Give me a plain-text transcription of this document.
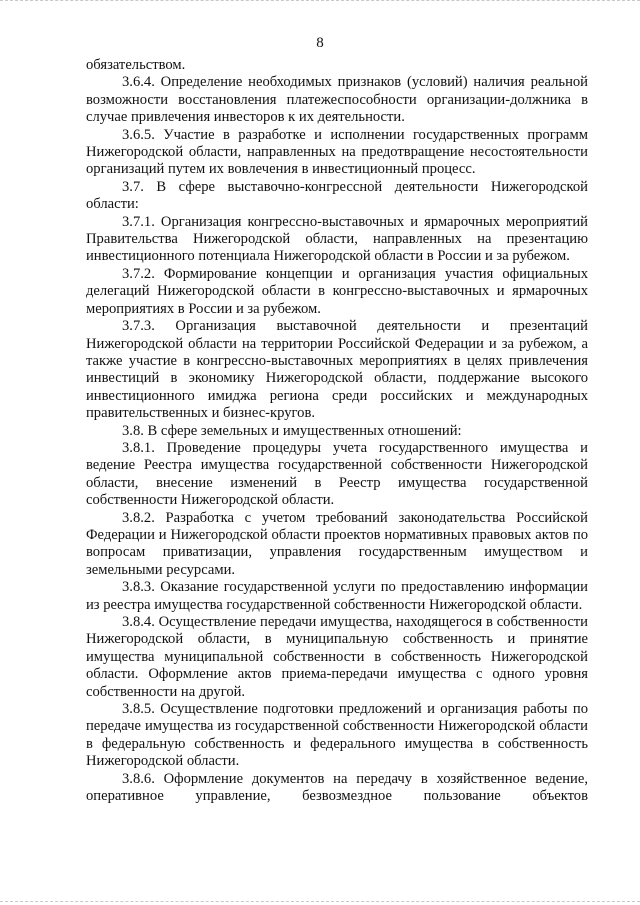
8

обязательством.

3.6.4. Определение необходимых признаков (условий) наличия реальной возможности восстановления платежеспособности организации-должника в случае привлечения инвесторов к их деятельности.

3.6.5. Участие в разработке и исполнении государственных программ Нижегородской области, направленных на предотвращение несостоятельности организаций путем их вовлечения в инвестиционный процесс.

3.7. В сфере выставочно-конгрессной деятельности Нижегородской области:

3.7.1. Организация конгрессно-выставочных и ярмарочных мероприятий Правительства Нижегородской области, направленных на презентацию инвестиционного потенциала Нижегородской области в России и за рубежом.

3.7.2. Формирование концепции и организация участия официальных делегаций Нижегородской области в конгрессно-выставочных и ярмарочных мероприятиях в России и за рубежом.

3.7.3. Организация выставочной деятельности и презентаций Нижегородской области на территории Российской Федерации и за рубежом, а также участие в конгрессно-выставочных мероприятиях в целях привлечения инвестиций в экономику Нижегородской области, поддержание высокого инвестиционного имиджа региона среди российских и международных правительственных и бизнес-кругов.

3.8. В сфере земельных и имущественных отношений:

3.8.1. Проведение процедуры учета государственного имущества и ведение Реестра имущества государственной собственности Нижегородской области, внесение изменений в Реестр имущества государственной собственности Нижегородской области.

3.8.2. Разработка с учетом требований законодательства Российской Федерации и Нижегородской области проектов нормативных правовых актов по вопросам приватизации, управления государственным имуществом и земельными ресурсами.

3.8.3. Оказание государственной услуги по предоставлению информации из реестра имущества государственной собственности Нижегородской области.

3.8.4. Осуществление передачи имущества, находящегося в собственности Нижегородской области, в муниципальную собственность и принятие имущества муниципальной собственности в собственность Нижегородской области. Оформление актов приема-передачи имущества с одного уровня собственности на другой.

3.8.5. Осуществление подготовки предложений и организация работы по передаче имущества из государственной собственности Нижегородской области в федеральную собственность и федерального имущества в собственность Нижегородской области.

3.8.6. Оформление документов на передачу в хозяйственное ведение, оперативное управление, безвозмездное пользование объектов
